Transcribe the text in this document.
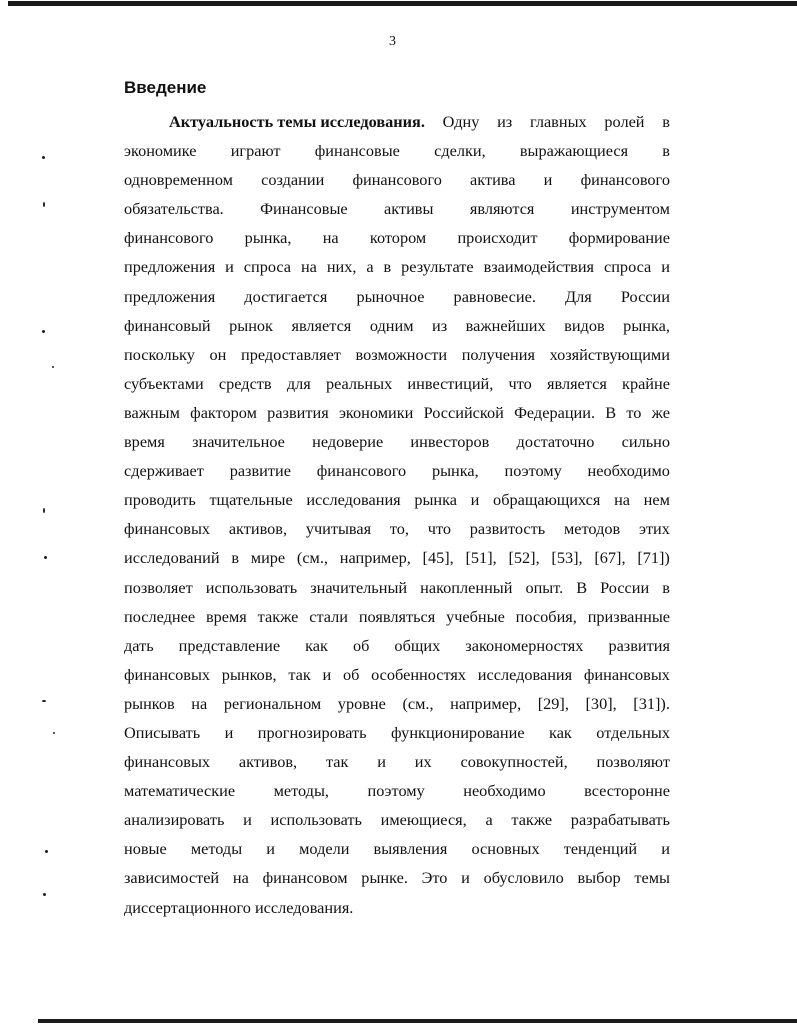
3
Введение
Актуальность темы исследования. Одну из главных ролей в
экономике играют финансовые сделки, выражающиеся в
одновременном создании финансового актива и финансового
обязательства. Финансовые активы являются инструментом
финансового рынка, на котором происходит формирование
предложения и спроса на них, а в результате взаимодействия спроса и
предложения достигается рыночное равновесие. Для России
финансовый рынок является одним из важнейших видов рынка,
поскольку он предоставляет возможности получения хозяйствующими
субъектами средств для реальных инвестиций, что является крайне
важным фактором развития экономики Российской Федерации. В то же
время значительное недоверие инвесторов достаточно сильно
сдерживает развитие финансового рынка, поэтому необходимо
проводить тщательные исследования рынка и обращающихся на нем
финансовых активов, учитывая то, что развитость методов этих
исследований в мире (см., например, [45], [51], [52], [53], [67], [71])
позволяет использовать значительный накопленный опыт. В России в
последнее время также стали появляться учебные пособия, призванные
дать представление как об общих закономерностях развития
финансовых рынков, так и об особенностях исследования финансовых
рынков на региональном уровне (см., например, [29], [30], [31]).
Описывать и прогнозировать функционирование как отдельных
финансовых активов, так и их совокупностей, позволяют
математические методы, поэтому необходимо всесторонне
анализировать и использовать имеющиеся, а также разрабатывать
новые методы и модели выявления основных тенденций и
зависимостей на финансовом рынке. Это и обусловило выбор темы
диссертационного исследования.
